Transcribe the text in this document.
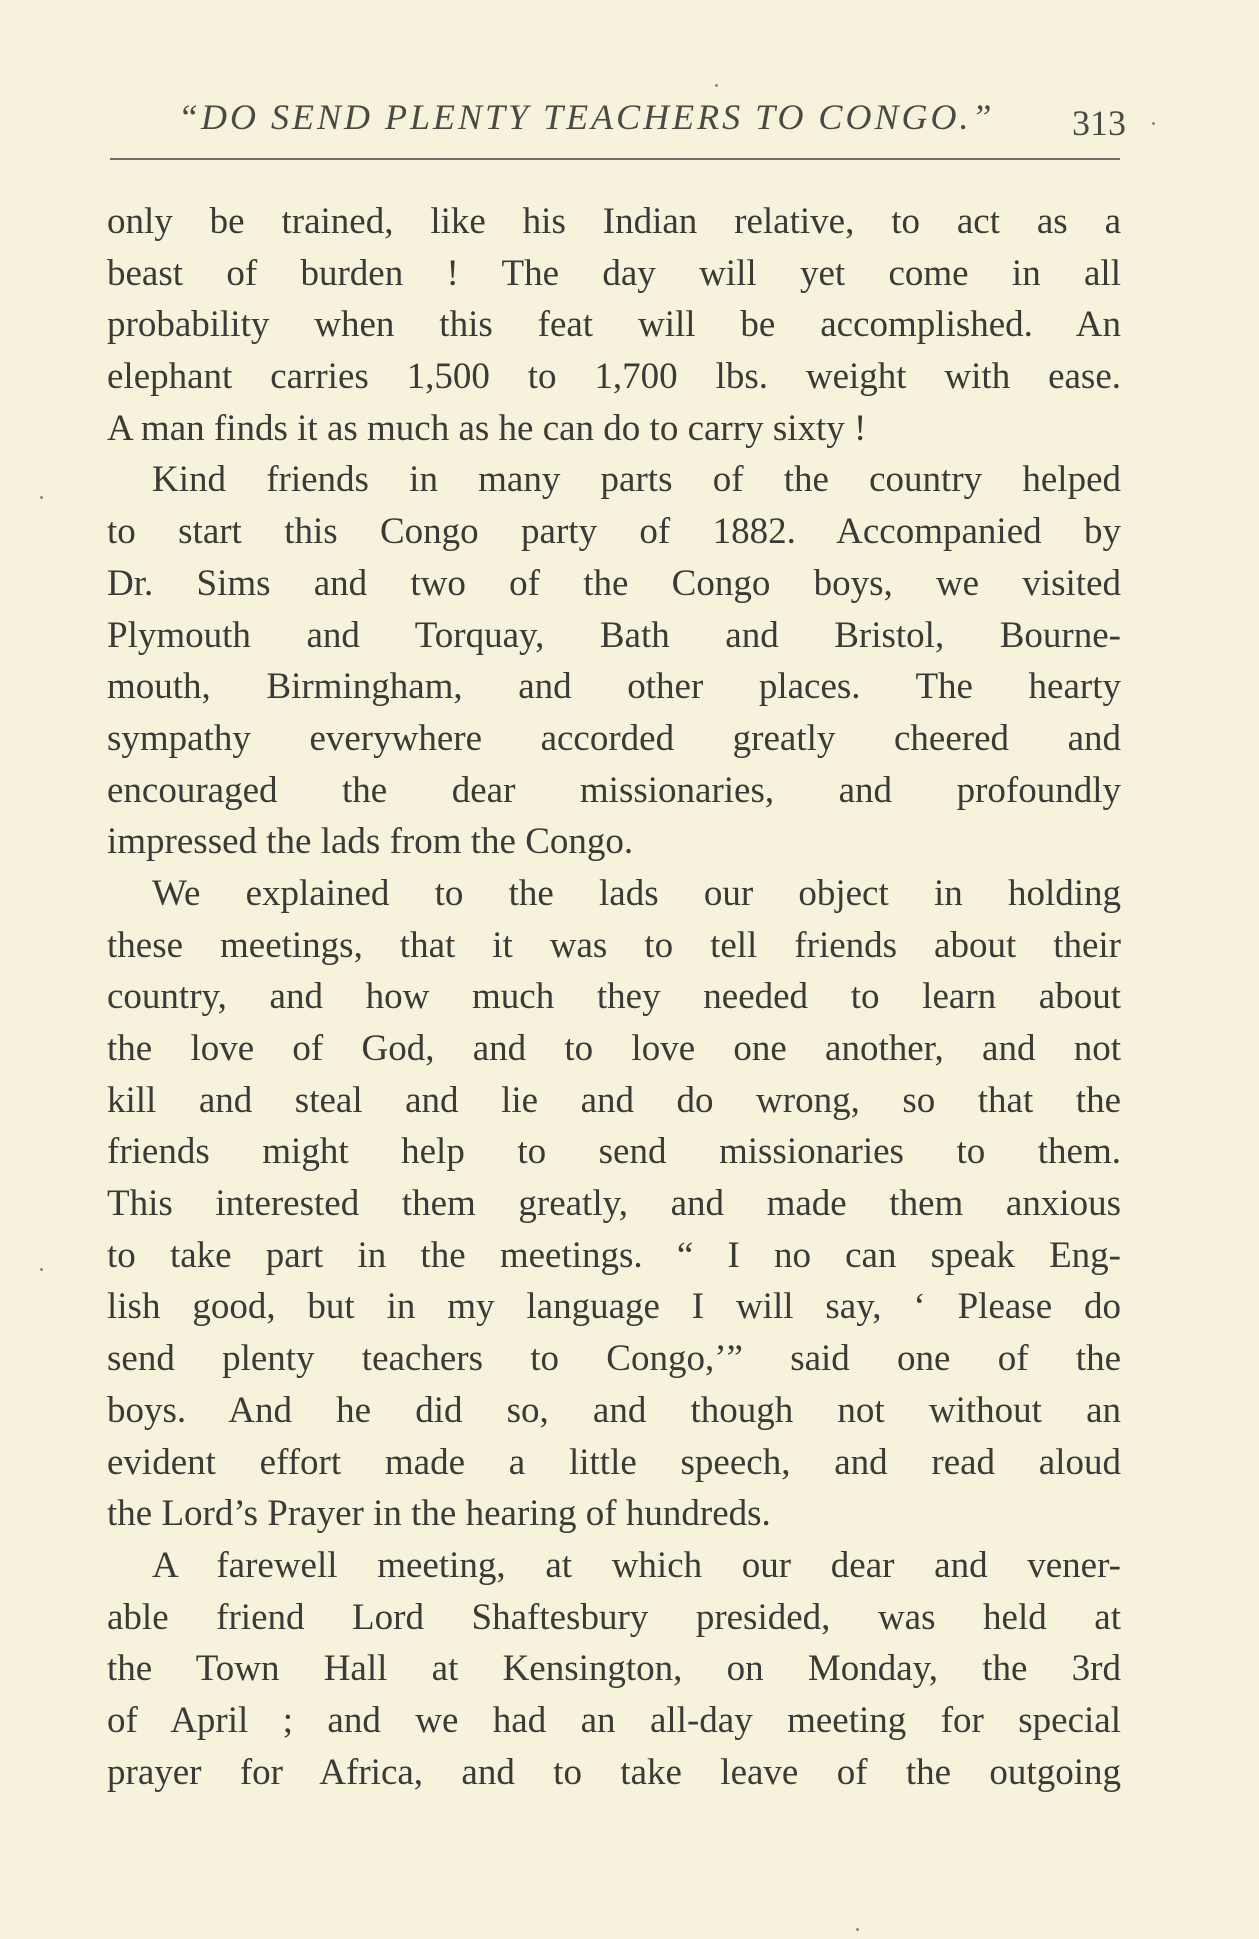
“DO SEND PLENTY TEACHERS TO CONGO.” 313
only be trained, like his Indian relative, to act as a
beast of burden ! The day will yet come in all
probability when this feat will be accomplished. An
elephant carries 1,500 to 1,700 lbs. weight with ease.
A man finds it as much as he can do to carry sixty !
Kind friends in many parts of the country helped
to start this Congo party of 1882. Accompanied by
Dr. Sims and two of the Congo boys, we visited
Plymouth and Torquay, Bath and Bristol, Bourne-
mouth, Birmingham, and other places. The hearty
sympathy everywhere accorded greatly cheered and
encouraged the dear missionaries, and profoundly
impressed the lads from the Congo.
We explained to the lads our object in holding
these meetings, that it was to tell friends about their
country, and how much they needed to learn about
the love of God, and to love one another, and not
kill and steal and lie and do wrong, so that the
friends might help to send missionaries to them.
This interested them greatly, and made them anxious
to take part in the meetings. “ I no can speak Eng-
lish good, but in my language I will say, ‘ Please do
send plenty teachers to Congo,’” said one of the
boys. And he did so, and though not without an
evident effort made a little speech, and read aloud
the Lord’s Prayer in the hearing of hundreds.
A farewell meeting, at which our dear and vener-
able friend Lord Shaftesbury presided, was held at
the Town Hall at Kensington, on Monday, the 3rd
of April ; and we had an all-day meeting for special
prayer for Africa, and to take leave of the outgoing
